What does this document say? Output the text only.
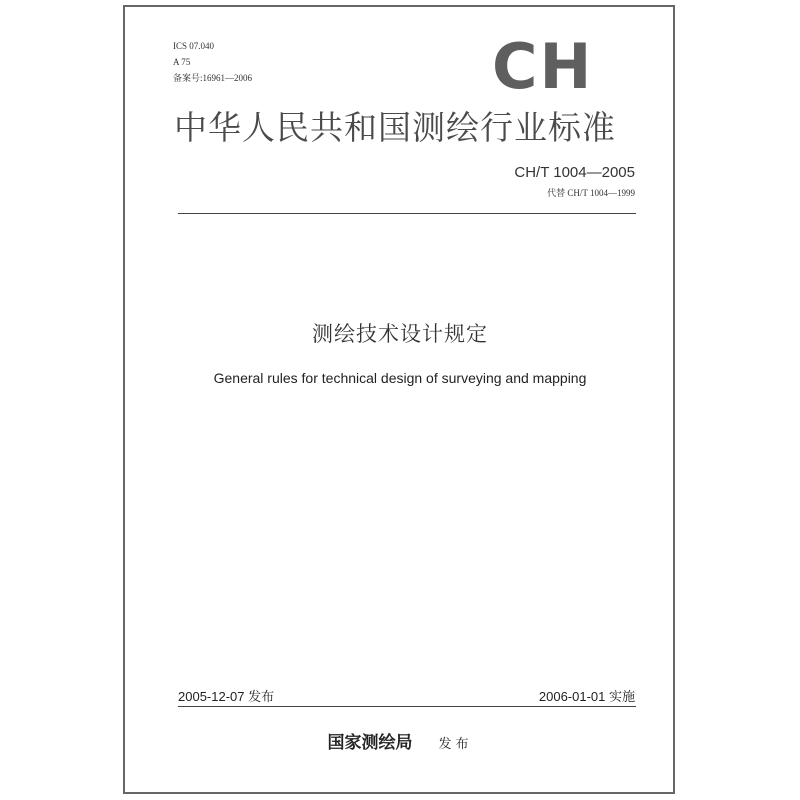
ICS 07.040
A 75
备案号:16961—2006	CH
中华人民共和国测绘行业标准
CH/T 1004—2005
代替 CH/T 1004—1999
测绘技术设计规定
General rules for technical design of surveying and mapping
2005-12-07 发布	2006-01-01 实施
国家测绘局 发布
